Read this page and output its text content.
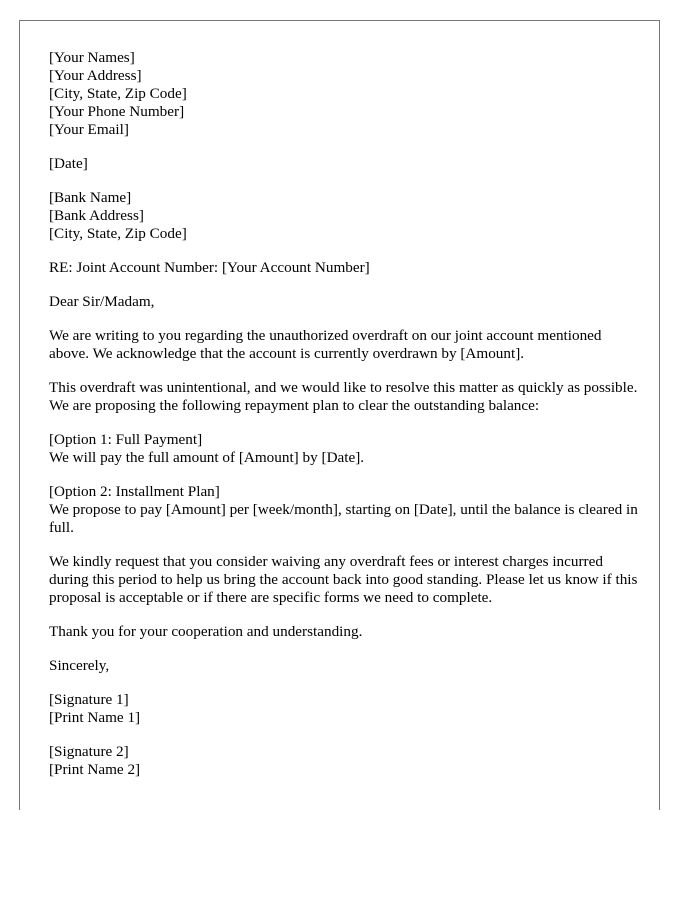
[Your Names]
[Your Address]
[City, State, Zip Code]
[Your Phone Number]
[Your Email]
[Date]
[Bank Name]
[Bank Address]
[City, State, Zip Code]
RE: Joint Account Number: [Your Account Number]
Dear Sir/Madam,

We are writing to you regarding the unauthorized overdraft on our joint account mentioned above. We acknowledge that the account is currently overdrawn by [Amount].

This overdraft was unintentional, and we would like to resolve this matter as quickly as possible. We are proposing the following repayment plan to clear the outstanding balance:

[Option 1: Full Payment]
We will pay the full amount of [Amount] by [Date].
[Option 2: Installment Plan]
We propose to pay [Amount] per [week/month], starting on [Date], until the balance is cleared in full.

We kindly request that you consider waiving any overdraft fees or interest charges incurred during this period to help us bring the account back into good standing. Please let us know if this proposal is acceptable or if there are specific forms we need to complete.

Thank you for your cooperation and understanding.

Sincerely,
[Signature 1]
[Print Name 1]
[Signature 2]
[Print Name 2]
